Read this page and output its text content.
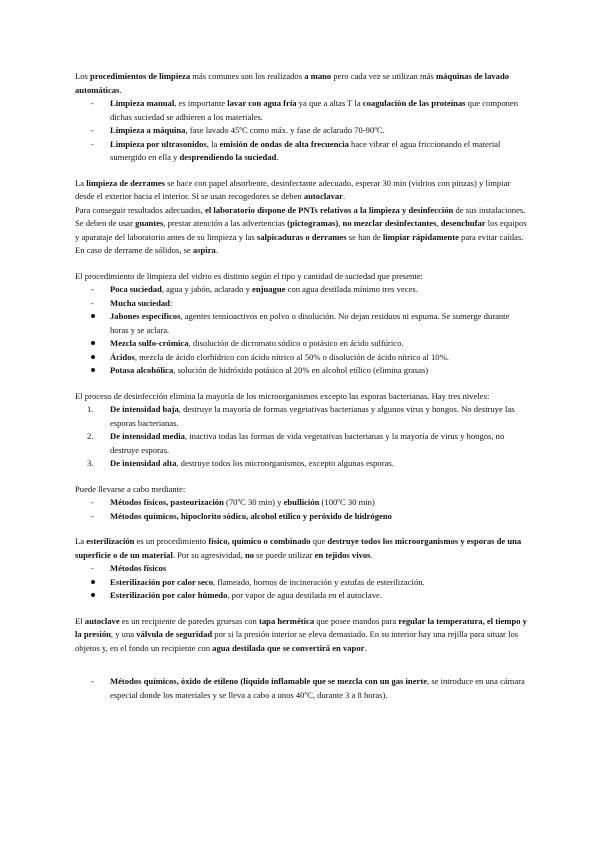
Los procedimientos de limpieza más comunes son los realizados a mano pero cada vez se utilizan más máquinas de lavado automáticas.

-	Limpieza manual, es importante lavar con agua fría ya que a altas T la coagulación de las proteínas que componen dichas suciedad se adhieren a los materiales.
-	Limpieza a máquina, fase lavado 45ºC como máx. y fase de aclarado 70-90ºC.
-	Limpieza por ultrasonidos, la emisión de ondas de alta frecuencia hace vibrar el agua friccionando el material sumergido en ella y desprendiendo la suciedad.

La limpieza de derrames se hace con papel absorbente, desinfectante adecuado, esperar 30 min (vidrios con pinzas) y limpiar desde el exterior hacia el interior. Si se usan recogedores se deben autoclavar.

Para conseguir resultados adecuados, el laboratorio dispone de PNTs relativos a la limpieza y desinfección de sus instalaciones. Se deben de usar guantes, prestar atención a las advertencias (pictogramas), no mezclar desinfectantes, desenchufar los equipos y aparataje del laboratorio antes de su limpieza y las salpicaduras o derrames se han de limpiar rápidamente para evitar caídas. En caso de derrame de sólidos, se aspira.

El procedimiento de limpieza del vidrio es distinto según el tipo y cantidad de suciedad que presente:

-	Poca suciedad, agua y jabón, aclarado y enjuague con agua destilada mínimo tres veces.
-	Mucha suciedad:
Jabones específicos, agentes tensioactivos en polvo o disolución. No dejan residuos ni espuma. Se sumerge durante horas y se aclara.
Mezcla sulfo-crómica, disolución de dicromato sódico o potásico en ácido sulfúrico.
Ácidos, mezcla de ácido clorhídrico con ácido nítrico al 50% o disolución de ácido nítrico al 10%.
Potasa alcohólica, solución de hidróxido potásico al 20% en alcohol etílico (elimina grasas)

El proceso de desinfección elimina la mayoría de los microorganismos excepto las esporas bacterianas. Hay tres niveles:

1.	De intensidad baja, destruye la mayoría de formas vegetativas bacterianas y algunos virus y hongos. No destruye las esporas bacterianas.
2.	De intensidad media, inactiva todas las formas de vida vegetativas bacterianas y la mayoría de virus y hongos, no destruye esporas.
3.	De intensidad alta, destruye todos los microorganismos, excepto algunas esporas.

Puede llevarse a cabo mediante:

-	Métodos físicos, pasteurización (70ºC 30 min) y ebullición (100ºC 30 min)
-	Métodos químicos, hipoclorito sódico, alcohol etílico y peróxido de hidrógeno

La esterilización es un procedimiento físico, químico o combinado que destruye todos los microorganismos y esporas de una superficie o de un material. Por su agresividad, no se puede utilizar en tejidos vivos.

-	Métodos físicos
Esterilización por calor seco, flameado, hornos de incineración y estufas de esterilización.
Esterilización por calor húmedo, por vapor de agua destilada en el autoclave.

El autoclave es un recipiente de paredes gruesas con tapa hermética que posee mandos para regular la temperatura, el tiempo y la presión, y una válvula de seguridad por si la presión interior se eleva demasiado. En su interior hay una rejilla para situar los objetos y, en el fondo un recipiente con agua destilada que se convertirá en vapor.

-	Métodos químicos, óxido de etileno (líquido inflamable que se mezcla con un gas inerte, se introduce en una cámara especial donde los materiales y se lleva a cabo a unos 40ºC, durante 3 a 8 horas).
